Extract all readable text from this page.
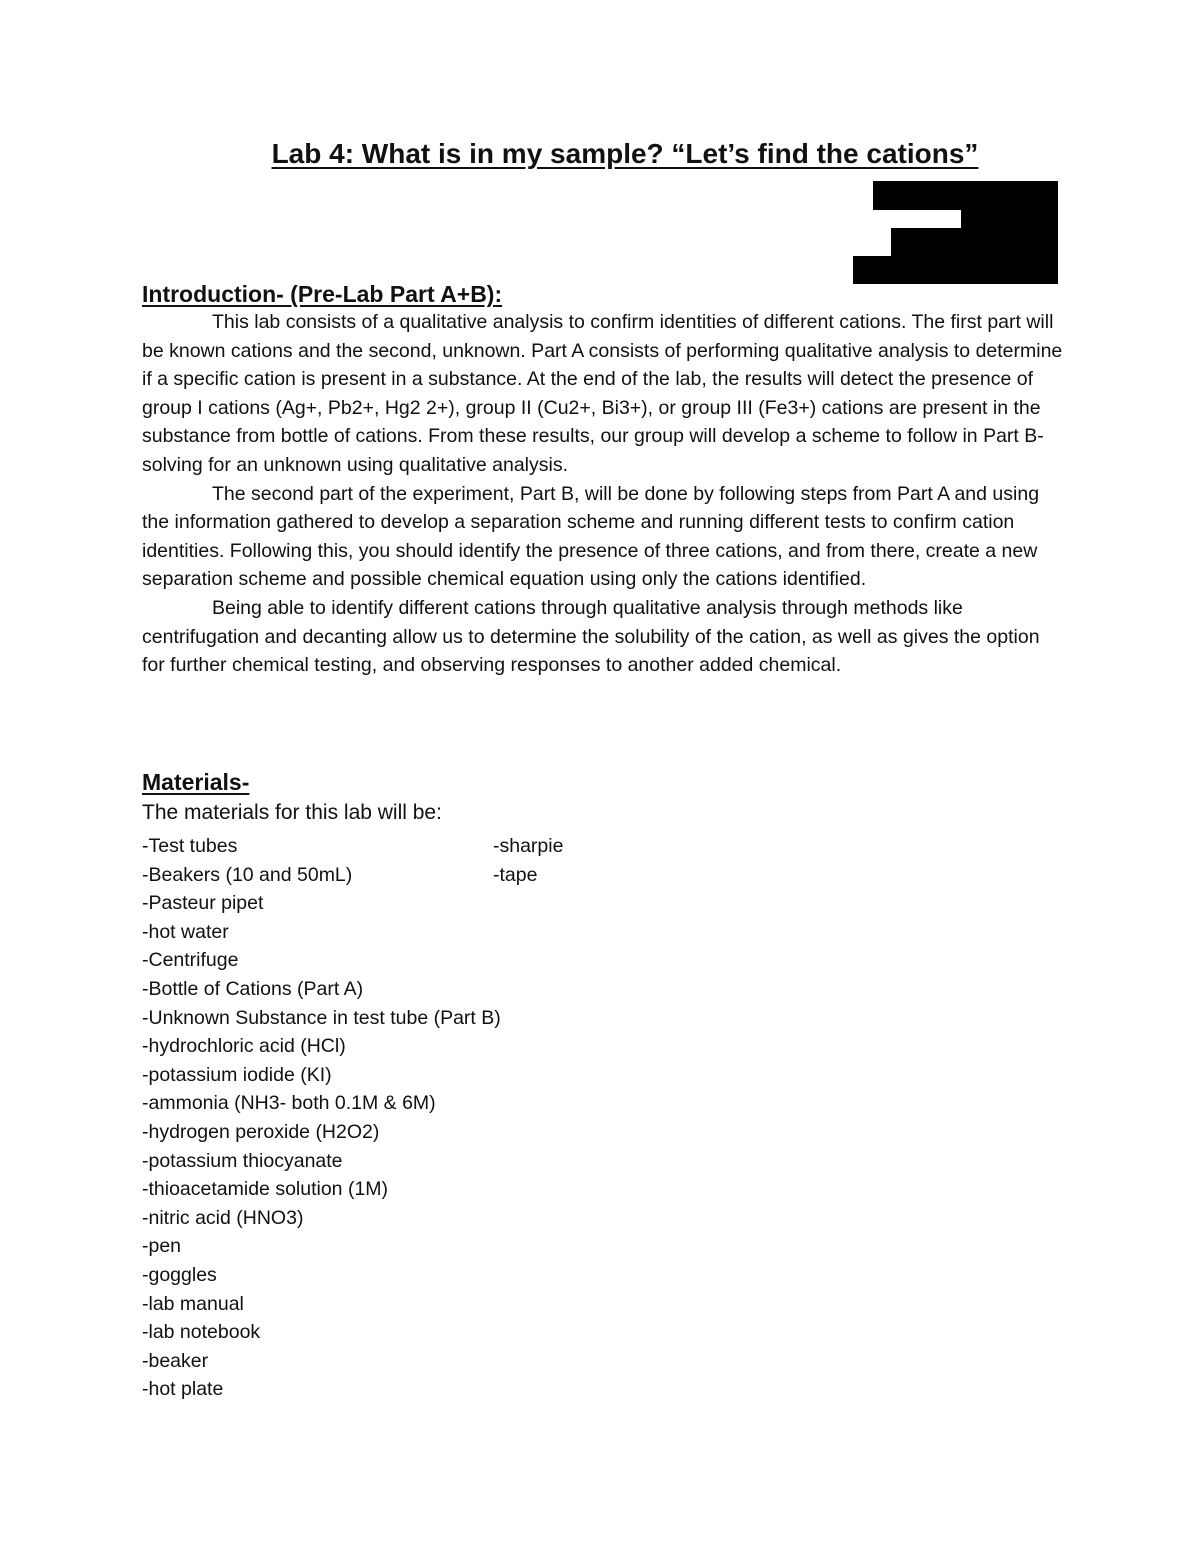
Lab 4: What is in my sample? “Let’s find the cations”
Introduction- (Pre-Lab Part A+B):

This lab consists of a qualitative analysis to confirm identities of different cations. The first part will be known cations and the second, unknown. Part A consists of performing qualitative analysis to determine if a specific cation is present in a substance. At the end of the lab, the results will detect the presence of group I cations (Ag+, Pb2+, Hg2 2+), group II (Cu2+, Bi3+), or group III (Fe3+) cations are present in the substance from bottle of cations. From these results, our group will develop a scheme to follow in Part B- solving for an unknown using qualitative analysis.

The second part of the experiment, Part B, will be done by following steps from Part A and using the information gathered to develop a separation scheme and running different tests to confirm cation identities. Following this, you should identify the presence of three cations, and from there, create a new separation scheme and possible chemical equation using only the cations identified.

Being able to identify different cations through qualitative analysis through methods like centrifugation and decanting allow us to determine the solubility of the cation, as well as gives the option for further chemical testing, and observing responses to another added chemical.

Materials-

The materials for this lab will be:

-Test tubes
-Beakers (10 and 50mL)
-Pasteur pipet
-hot water
-Centrifuge
-Bottle of Cations (Part A)
-Unknown Substance in test tube (Part B)
-hydrochloric acid (HCl)
-potassium iodide (KI)
-ammonia (NH3- both 0.1M & 6M)
-hydrogen peroxide (H2O2)
-potassium thiocyanate
-thioacetamide solution (1M)
-nitric acid (HNO3)
-pen
-goggles
-lab manual
-lab notebook
-beaker
-hot plate
-sharpie
-tape
